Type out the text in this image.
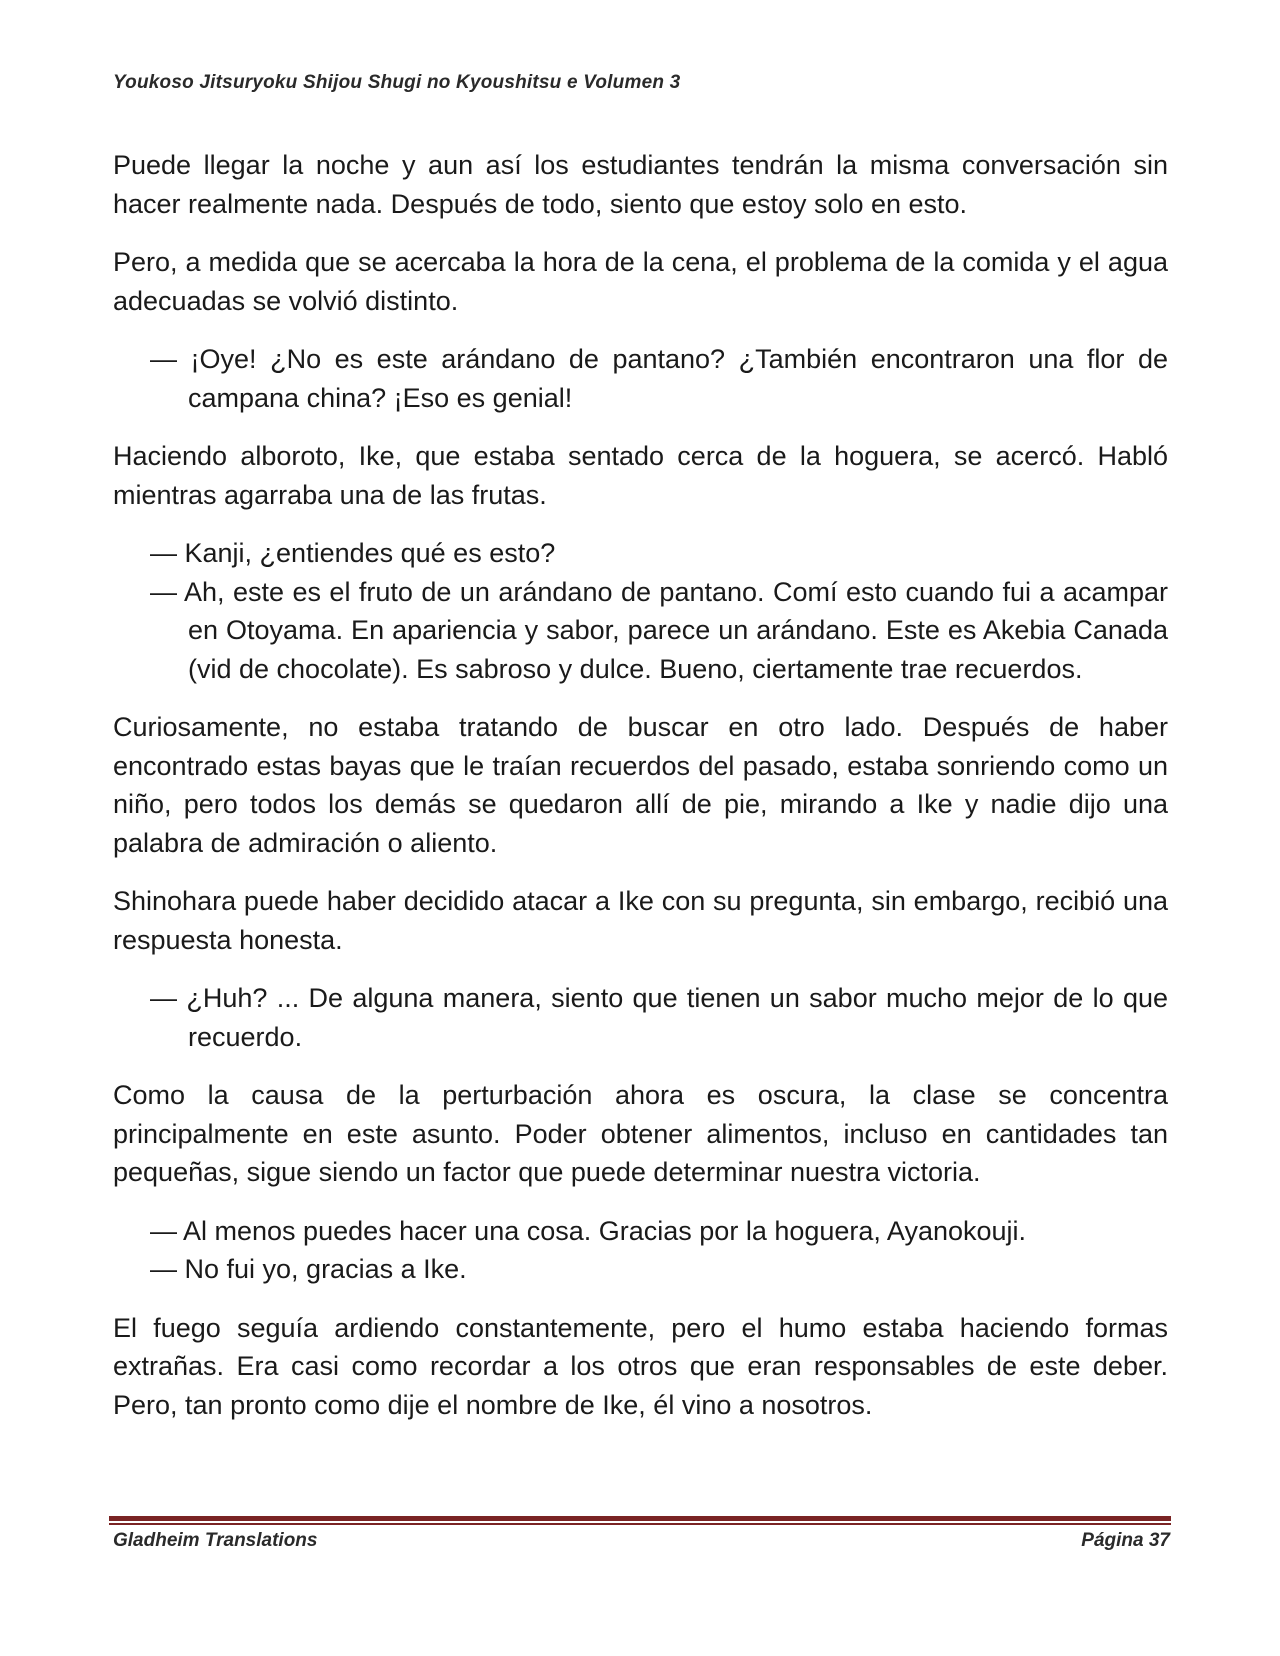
Youkoso Jitsuryoku Shijou Shugi no Kyoushitsu e Volumen 3

Puede llegar la noche y aun así los estudiantes tendrán la misma conversación sin hacer realmente nada. Después de todo, siento que estoy solo en esto.

Pero, a medida que se acercaba la hora de la cena, el problema de la comida y el agua adecuadas se volvió distinto.

— ¡Oye! ¿No es este arándano de pantano? ¿También encontraron una flor de campana china? ¡Eso es genial!

Haciendo alboroto, Ike, que estaba sentado cerca de la hoguera, se acercó. Habló mientras agarraba una de las frutas.

— Kanji, ¿entiendes qué es esto?

— Ah, este es el fruto de un arándano de pantano. Comí esto cuando fui a acampar en Otoyama. En apariencia y sabor, parece un arándano. Este es Akebia Canada (vid de chocolate). Es sabroso y dulce. Bueno, ciertamente trae recuerdos.

Curiosamente, no estaba tratando de buscar en otro lado. Después de haber encontrado estas bayas que le traían recuerdos del pasado, estaba sonriendo como un niño, pero todos los demás se quedaron allí de pie, mirando a Ike y nadie dijo una palabra de admiración o aliento.

Shinohara puede haber decidido atacar a Ike con su pregunta, sin embargo, recibió una respuesta honesta.

— ¿Huh? ... De alguna manera, siento que tienen un sabor mucho mejor de lo que recuerdo.

Como la causa de la perturbación ahora es oscura, la clase se concentra principalmente en este asunto. Poder obtener alimentos, incluso en cantidades tan pequeñas, sigue siendo un factor que puede determinar nuestra victoria.

— Al menos puedes hacer una cosa. Gracias por la hoguera, Ayanokouji.

— No fui yo, gracias a Ike.

El fuego seguía ardiendo constantemente, pero el humo estaba haciendo formas extrañas. Era casi como recordar a los otros que eran responsables de este deber. Pero, tan pronto como dije el nombre de Ike, él vino a nosotros.

Gladheim Translations	Página 37
